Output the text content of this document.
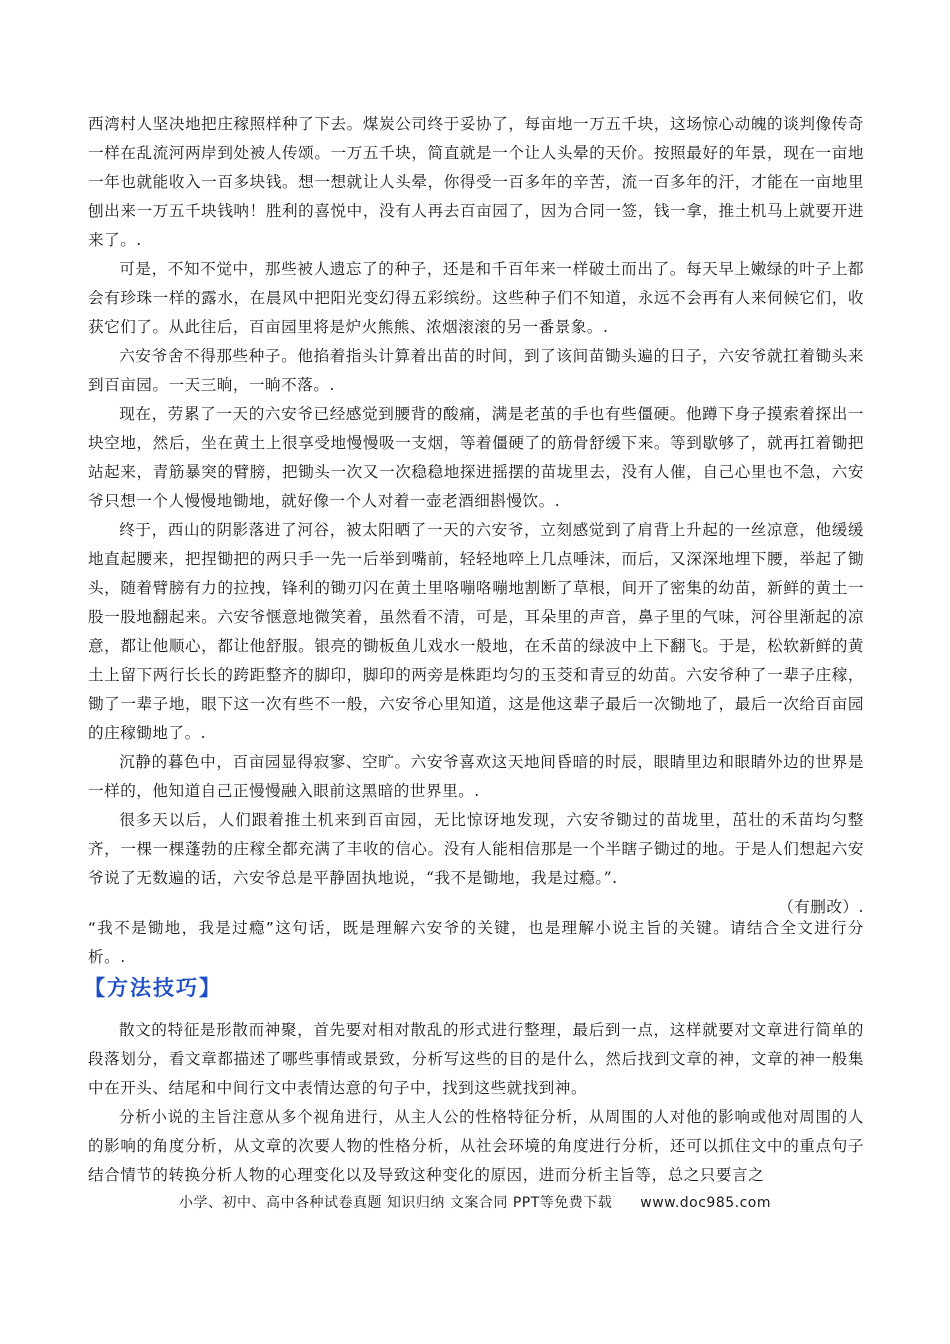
西湾村人坚决地把庄稼照样种了下去。煤炭公司终于妥协了，每亩地一万五千块，这场惊心动魄的谈判像传奇一样在乱流河两岸到处被人传颂。一万五千块，简直就是一个让人头晕的天价。按照最好的年景，现在一亩地一年也就能收入一百多块钱。想一想就让人头晕，你得受一百多年的辛苦，流一百多年的汗，才能在一亩地里刨出来一万五千块钱呐！胜利的喜悦中，没有人再去百亩园了，因为合同一签，钱一拿，推土机马上就要开进来了。.

可是，不知不觉中，那些被人遗忘了的种子，还是和千百年来一样破土而出了。每天早上嫩绿的叶子上都会有珍珠一样的露水，在晨风中把阳光变幻得五彩缤纷。这些种子们不知道，永远不会再有人来伺候它们，收获它们了。从此往后，百亩园里将是炉火熊熊、浓烟滚滚的另一番景象。.

六安爷舍不得那些种子。他掐着指头计算着出苗的时间，到了该间苗锄头遍的日子，六安爷就扛着锄头来到百亩园。一天三晌，一晌不落。.

现在，劳累了一天的六安爷已经感觉到腰背的酸痛，满是老茧的手也有些僵硬。他蹲下身子摸索着探出一块空地，然后，坐在黄土上很享受地慢慢吸一支烟，等着僵硬了的筋骨舒缓下来。等到歇够了，就再扛着锄把站起来，青筋暴突的臂膀，把锄头一次又一次稳稳地探进摇摆的苗垅里去，没有人催，自己心里也不急，六安爷只想一个人慢慢地锄地，就好像一个人对着一壶老酒细斟慢饮。.

终于，西山的阴影落进了河谷，被太阳晒了一天的六安爷，立刻感觉到了肩背上升起的一丝凉意，他缓缓地直起腰来，把捏锄把的两只手一先一后举到嘴前，轻轻地啐上几点唾沫，而后，又深深地埋下腰，举起了锄头，随着臂膀有力的拉拽，锋利的锄刃闪在黄土里咯嘣咯嘣地割断了草根，间开了密集的幼苗，新鲜的黄土一股一股地翻起来。六安爷惬意地微笑着，虽然看不清，可是，耳朵里的声音，鼻子里的气味，河谷里渐起的凉意，都让他顺心，都让他舒服。银亮的锄板鱼儿戏水一般地，在禾苗的绿波中上下翻飞。于是，松软新鲜的黄土上留下两行长长的跨距整齐的脚印，脚印的两旁是株距均匀的玉茭和青豆的幼苗。六安爷种了一辈子庄稼，锄了一辈子地，眼下这一次有些不一般，六安爷心里知道，这是他这辈子最后一次锄地了，最后一次给百亩园的庄稼锄地了。.

沉静的暮色中，百亩园显得寂寥、空旷。六安爷喜欢这天地间昏暗的时辰，眼睛里边和眼睛外边的世界是一样的，他知道自己正慢慢融入眼前这黑暗的世界里。.

很多天以后，人们跟着推土机来到百亩园，无比惊讶地发现，六安爷锄过的苗垅里，茁壮的禾苗均匀整齐，一棵一棵蓬勃的庄稼全都充满了丰收的信心。没有人能相信那是一个半瞎子锄过的地。于是人们想起六安爷说了无数遍的话，六安爷总是平静固执地说，“我不是锄地，我是过瘾。”.

（有删改）.

“我不是锄地，我是过瘾”这句话，既是理解六安爷的关键，也是理解小说主旨的关键。请结合全文进行分析。.

【方法技巧】

散文的特征是形散而神聚，首先要对相对散乱的形式进行整理，最后到一点，这样就要对文章进行简单的段落划分，看文章都描述了哪些事情或景致，分析写这些的目的是什么，然后找到文章的神，文章的神一般集中在开头、结尾和中间行文中表情达意的句子中，找到这些就找到神。

分析小说的主旨注意从多个视角进行，从主人公的性格特征分析，从周围的人对他的影响或他对周围的人的影响的角度分析，从文章的次要人物的性格分析，从社会环境的角度进行分析，还可以抓住文中的重点句子结合情节的转换分析人物的心理变化以及导致这种变化的原因，进而分析主旨等，总之只要言之

小学、初中、高中各种试卷真题 知识归纳 文案合同 PPT等免费下载 www.doc985.com
